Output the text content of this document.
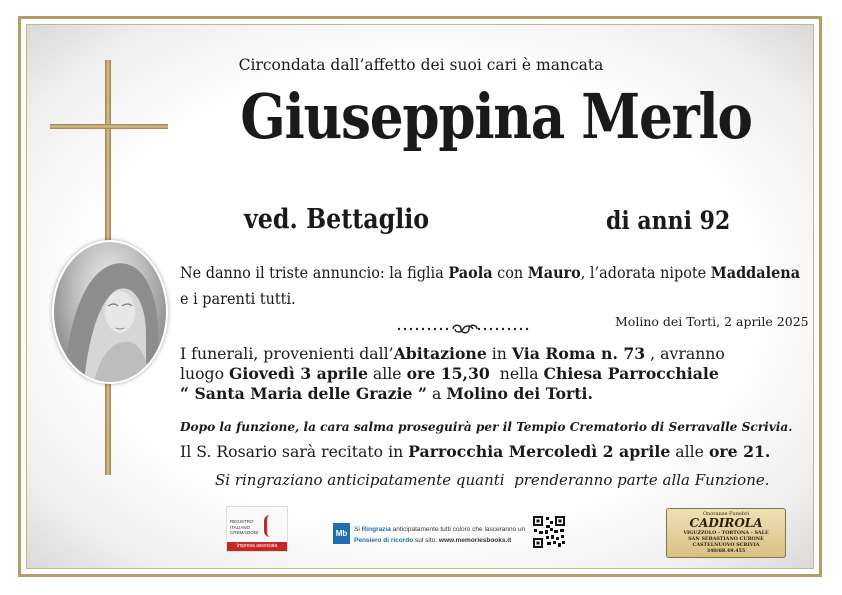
Circondata dall’affetto dei suoi cari è mancata
Giuseppina Merlo
ved. Bettaglio	di anni 92
Ne danno il triste annuncio: la figlia Paola con Mauro, l’adorata nipote Maddalena
e i parenti tutti.
Molino dei Torti, 2 aprile 2025
I funerali, provenienti dall’Abitazione in Via Roma n. 73 , avranno
luogo Giovedì 3 aprile alle ore 15,30  nella Chiesa Parrocchiale
“ Santa Maria delle Grazie ” a Molino dei Torti.
Dopo la funzione, la cara salma proseguirà per il Tempio Crematorio di Serravalle Scrivia.
Il S. Rosario sarà recitato in Parrocchia Mercoledì 2 aprile alle ore 21.
Si ringraziano anticipatamente quanti  prenderanno parte alla Funzione.
REGISTRO
ITALIANO
CREMAZIONI
Impresa associata
Mb	Si Ringrazia anticipatamente tutti coloro che lasceranno un
Pensiero di ricordo sul sito: www.memoriesbooks.it
Onoranze Funebri
CADIROLA
VIGUZZOLO - TORTONA - SALE
SAN SEBASTIANO CURONE
CASTELNUOVO SCRIVIA
340/68.49.455
